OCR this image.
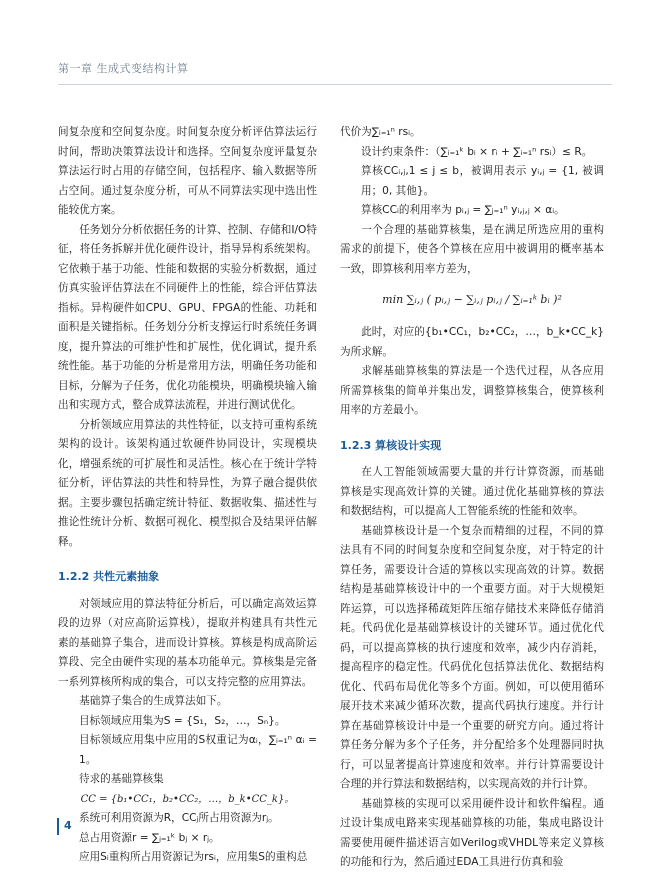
第一章 生成式变结构计算

间复杂度和空间复杂度。时间复杂度分析评估算法运行时间，帮助决策算法设计和选择。空间复杂度评量复杂算法运行时占用的存储空间，包括程序、输入数据等所占空间。通过复杂度分析，可从不同算法实现中选出性能较优方案。

任务划分分析依据任务的计算、控制、存储和I/O特征，将任务拆解并优化硬件设计，指导异构系统架构。它依赖于基于功能、性能和数据的实验分析数据，通过仿真实验评估算法在不同硬件上的性能，综合评估算法指标。异构硬件如CPU、GPU、FPGA的性能、功耗和面积是关键指标。任务划分分析支撑运行时系统任务调度，提升算法的可维护性和扩展性，优化调试，提升系统性能。基于功能的分析是常用方法，明确任务功能和目标，分解为子任务，优化功能模块，明确模块输入输出和实现方式，整合成算法流程，并进行测试优化。

分析领域应用算法的共性特征，以支持可重构系统架构的设计。该架构通过软硬件协同设计，实现模块化，增强系统的可扩展性和灵活性。核心在于统计学特征分析，评估算法的共性和特异性，为算子融合提供依据。主要步骤包括确定统计特征、数据收集、描述性与推论性统计分析、数据可视化、模型拟合及结果评估解释。

1.2.2 共性元素抽象

对领域应用的算法特征分析后，可以确定高效运算段的边界（对应高阶运算栈），提取并构建具有共性元素的基础算子集合，进而设计算核。算核是构成高阶运算段、完全由硬件实现的基本功能单元。算核集是完备一系列算核所构成的集合，可以支持完整的应用算法。

基础算子集合的生成算法如下。

目标领域应用集为S = {S₁，S₂，…，Sₙ}。

目标领域应用集中应用的S权重记为αᵢ，∑ᵢ₌₁ⁿ αᵢ = 1。

待求的基础算核集

CC = {b₁•CC₁，b₂•CC₂，…，b_k•CC_k}。

系统可利用资源为R，CCⱼ所占用资源为rⱼ。

总占用资源r = ∑ⱼ₌₁ᵏ bⱼ × rⱼ。

应用Sᵢ重构所占用资源记为rsᵢ，应用集S的重构总

代价为∑ᵢ₌₁ⁿ rsᵢ。

设计约束条件：（∑ᵢ₌₁ᵏ bᵢ × rᵢ + ∑ᵢ₌₁ⁿ rsᵢ）≤ R。

算核CCᵢ,ⱼ,1 ≤ j ≤ b，被调用表示 yᵢ,ⱼ = {1, 被调用；0, 其他}。

算核CCᵢ的利用率为 pᵢ,ⱼ = ∑ⱼ₌₁ⁿ yᵢ,ⱼ,ⱼ × αᵢ。

一个合理的基础算核集，是在满足所选应用的重构需求的前提下，使各个算核在应用中被调用的概率基本一致，即算核利用率方差为，

min ∑ᵢ,ⱼ ( pᵢ,ⱼ − ∑ᵢ,ⱼ pᵢ,ⱼ / ∑ᵢ₌₁ᵏ bᵢ )²

此时，对应的{b₁•CC₁，b₂•CC₂，…，b_k•CC_k}为所求解。

求解基础算核集的算法是一个迭代过程，从各应用所需算核集的简单并集出发，调整算核集合，使算核利用率的方差最小。

1.2.3 算核设计实现

在人工智能领域需要大量的并行计算资源，而基础算核是实现高效计算的关键。通过优化基础算核的算法和数据结构，可以提高人工智能系统的性能和效率。

基础算核设计是一个复杂而精细的过程，不同的算法具有不同的时间复杂度和空间复杂度，对于特定的计算任务，需要设计合适的算核以实现高效的计算。数据结构是基础算核设计中的一个重要方面。对于大规模矩阵运算，可以选择稀疏矩阵压缩存储技术来降低存储消耗。代码优化是基础算核设计的关键环节。通过优化代码，可以提高算核的执行速度和效率，减少内存消耗，提高程序的稳定性。代码优化包括算法优化、数据结构优化、代码布局优化等多个方面。例如，可以使用循环展开技术来减少循环次数，提高代码执行速度。并行计算在基础算核设计中是一个重要的研究方向。通过将计算任务分解为多个子任务，并分配给多个处理器同时执行，可以显著提高计算速度和效率。并行计算需要设计合理的并行算法和数据结构，以实现高效的并行计算。

基础算核的实现可以采用硬件设计和软件编程。通过设计集成电路来实现基础算核的功能，集成电路设计需要使用硬件描述语言如Verilog或VHDL等来定义算核的功能和行为，然后通过EDA工具进行仿真和验

4
